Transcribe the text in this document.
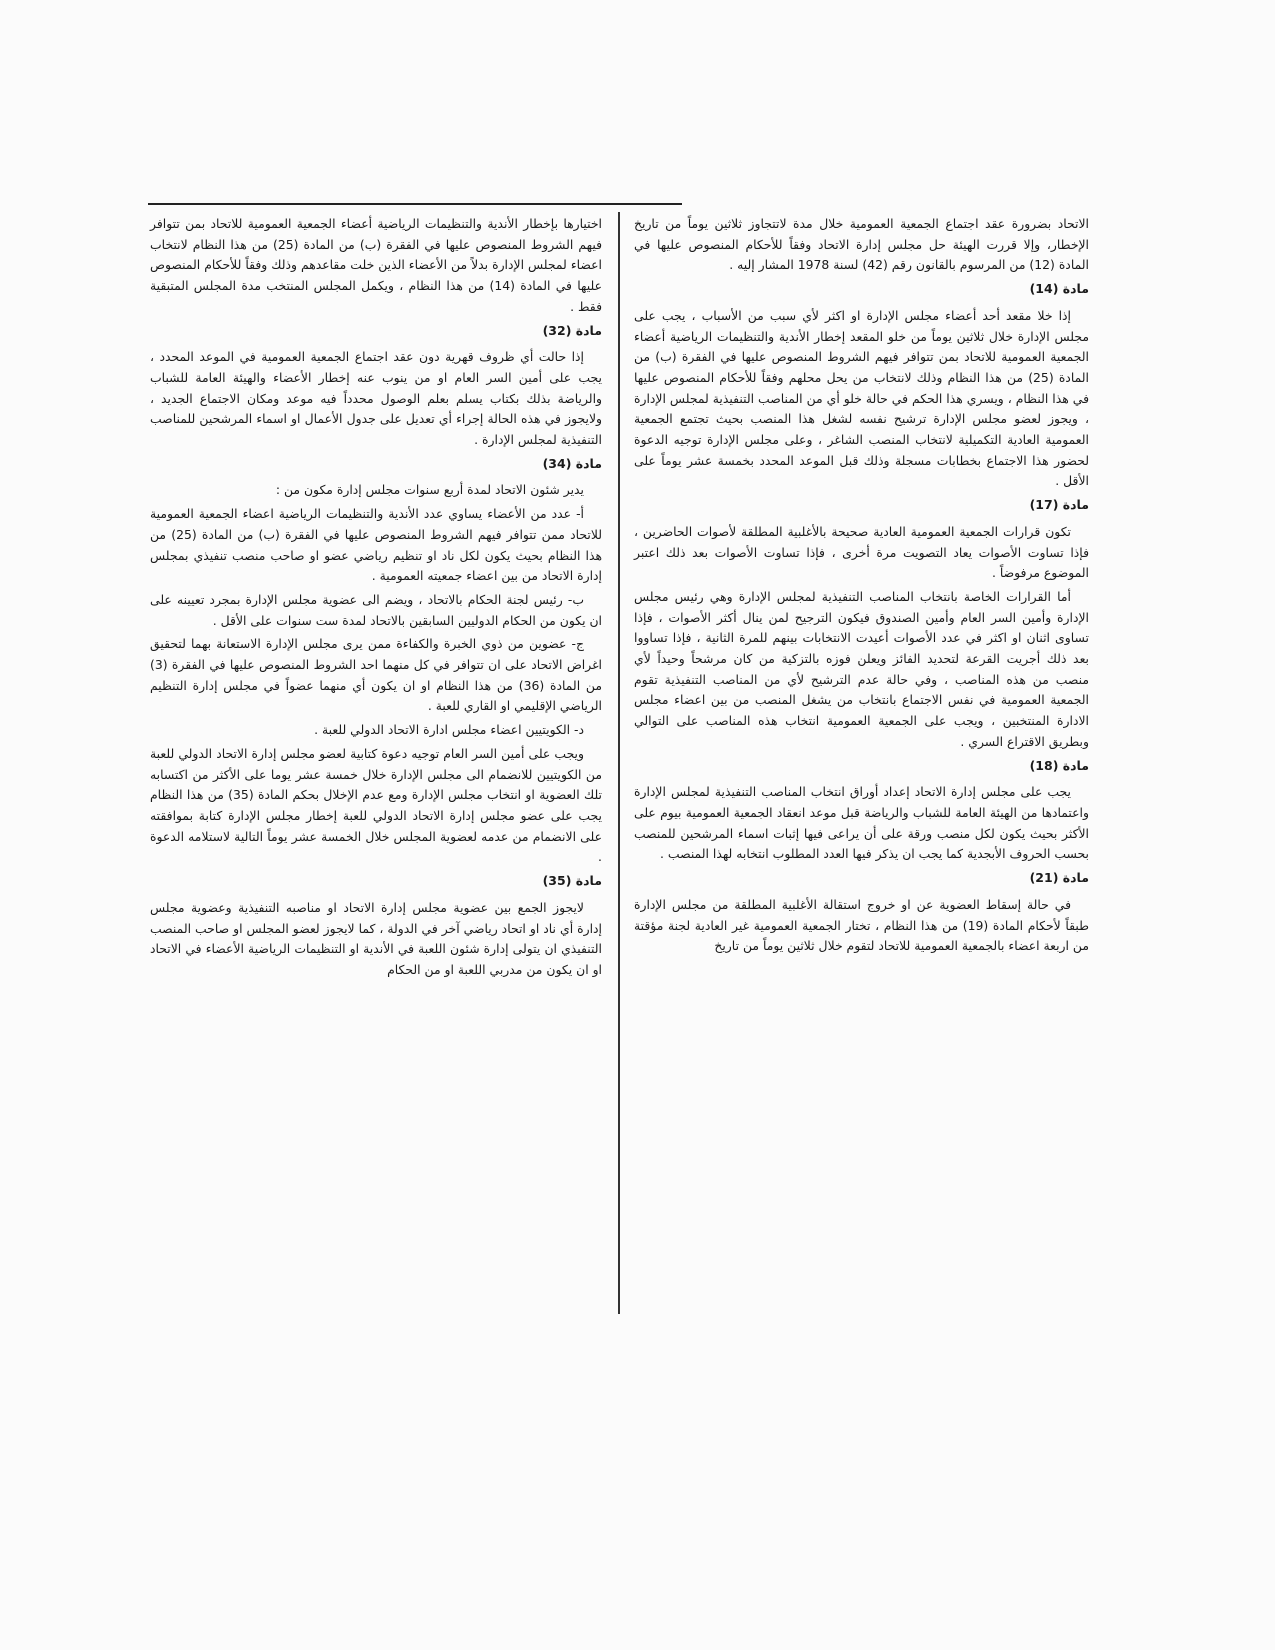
الاتحاد بضرورة عقد اجتماع الجمعية العمومية خلال مدة لاتتجاوز ثلاثين يوماً من تاريخ الإخطار، وإلا قررت الهيئة حل مجلس إدارة الاتحاد وفقاً للأحكام المنصوص عليها في المادة (12) من المرسوم بالقانون رقم (42) لسنة 1978 المشار إليه .

مادة (14)

إذا خلا مقعد أحد أعضاء مجلس الإدارة او اكثر لأي سبب من الأسباب ، يجب على مجلس الإدارة خلال ثلاثين يوماً من خلو المقعد إخطار الأندية والتنظيمات الرياضية أعضاء الجمعية العمومية للاتحاد بمن تتوافر فيهم الشروط المنصوص عليها في الفقرة (ب) من المادة (25) من هذا النظام وذلك لانتخاب من يحل محلهم وفقاً للأحكام المنصوص عليها في هذا النظام ، ويسري هذا الحكم في حالة خلو أي من المناصب التنفيذية لمجلس الإدارة ، ويجوز لعضو مجلس الإدارة ترشيح نفسه لشغل هذا المنصب بحيث تجتمع الجمعية العمومية العادية التكميلية لانتخاب المنصب الشاغر ، وعلى مجلس الإدارة توجيه الدعوة لحضور هذا الاجتماع بخطابات مسجلة وذلك قبل الموعد المحدد بخمسة عشر يوماً على الأقل .

مادة (17)

تكون قرارات الجمعية العمومية العادية صحيحة بالأغلبية المطلقة لأصوات الحاضرين ، فإذا تساوت الأصوات يعاد التصويت مرة أخرى ، فإذا تساوت الأصوات بعد ذلك اعتبر الموضوع مرفوضاً .

أما القرارات الخاصة بانتخاب المناصب التنفيذية لمجلس الإدارة وهي رئيس مجلس الإدارة وأمين السر العام وأمين الصندوق فيكون الترجيح لمن ينال أكثر الأصوات ، فإذا تساوى اثنان او اكثر في عدد الأصوات أعيدت الانتخابات بينهم للمرة الثانية ، فإذا تساووا بعد ذلك أجريت القرعة لتحديد الفائز ويعلن فوزه بالتزكية من كان مرشحاً وحيداً لأي منصب من هذه المناصب ، وفي حالة عدم الترشيح لأي من المناصب التنفيذية تقوم الجمعية العمومية في نفس الاجتماع بانتخاب من يشغل المنصب من بين اعضاء مجلس الادارة المنتخبين ، ويجب على الجمعية العمومية انتخاب هذه المناصب على التوالي وبطريق الاقتراع السري .

مادة (18)

يجب على مجلس إدارة الاتحاد إعداد أوراق انتخاب المناصب التنفيذية لمجلس الإدارة واعتمادها من الهيئة العامة للشباب والرياضة قبل موعد انعقاد الجمعية العمومية بيوم على الأكثر بحيث يكون لكل منصب ورقة على أن يراعى فيها إثبات اسماء المرشحين للمنصب بحسب الحروف الأبجدية كما يجب ان يذكر فيها العدد المطلوب انتخابه لهذا المنصب .

مادة (21)

في حالة إسقاط العضوية عن او خروج استقالة الأغلبية المطلقة من مجلس الإدارة طبقاً لأحكام المادة (19) من هذا النظام ، تختار الجمعية العمومية غير العادية لجنة مؤقتة من اربعة اعضاء بالجمعية العمومية للاتحاد لتقوم خلال ثلاثين يوماً من تاريخ

اختيارها بإخطار الأندية والتنظيمات الرياضية أعضاء الجمعية العمومية للاتحاد بمن تتوافر فيهم الشروط المنصوص عليها في الفقرة (ب) من المادة (25) من هذا النظام لانتخاب اعضاء لمجلس الإدارة بدلاً من الأعضاء الذين خلت مقاعدهم وذلك وفقاً للأحكام المنصوص عليها في المادة (14) من هذا النظام ، ويكمل المجلس المنتخب مدة المجلس المتبقية فقط .

مادة (32)

إذا حالت أي ظروف قهرية دون عقد اجتماع الجمعية العمومية في الموعد المحدد ، يجب على أمين السر العام او من ينوب عنه إخطار الأعضاء والهيئة العامة للشباب والرياضة بذلك بكتاب يسلم بعلم الوصول محدداً فيه موعد ومكان الاجتماع الجديد ، ولايجوز في هذه الحالة إجراء أي تعديل على جدول الأعمال او اسماء المرشحين للمناصب التنفيذية لمجلس الإدارة .

مادة (34)

يدير شئون الاتحاد لمدة أربع سنوات مجلس إدارة مكون من :

أ- عدد من الأعضاء يساوي عدد الأندية والتنظيمات الرياضية اعضاء الجمعية العمومية للاتحاد ممن تتوافر فيهم الشروط المنصوص عليها في الفقرة (ب) من المادة (25) من هذا النظام بحيث يكون لكل ناد او تنظيم رياضي عضو او صاحب منصب تنفيذي بمجلس إدارة الاتحاد من بين اعضاء جمعيته العمومية .

ب- رئيس لجنة الحكام بالاتحاد ، ويضم الى عضوية مجلس الإدارة بمجرد تعيينه على ان يكون من الحكام الدوليين السابقين بالاتحاد لمدة ست سنوات على الأقل .

ج- عضوين من ذوي الخبرة والكفاءة ممن يرى مجلس الإدارة الاستعانة بهما لتحقيق اغراض الاتحاد على ان تتوافر في كل منهما احد الشروط المنصوص عليها في الفقرة (3) من المادة (36) من هذا النظام او ان يكون أي منهما عضواً في مجلس إدارة التنظيم الرياضي الإقليمي او القاري للعبة .

د- الكويتيين اعضاء مجلس ادارة الاتحاد الدولي للعبة .

ويجب على أمين السر العام توجيه دعوة كتابية لعضو مجلس إدارة الاتحاد الدولي للعبة من الكويتيين للانضمام الى مجلس الإدارة خلال خمسة عشر يوما على الأكثر من اكتسابه تلك العضوية او انتخاب مجلس الإدارة ومع عدم الإخلال بحكم المادة (35) من هذا النظام يجب على عضو مجلس إدارة الاتحاد الدولي للعبة إخطار مجلس الإدارة كتابة بموافقته على الانضمام من عدمه لعضوية المجلس خلال الخمسة عشر يوماً التالية لاستلامه الدعوة .

مادة (35)

لايجوز الجمع بين عضوية مجلس إدارة الاتحاد او مناصبه التنفيذية وعضوية مجلس إدارة أي ناد او اتحاد رياضي آخر في الدولة ، كما لايجوز لعضو المجلس او صاحب المنصب التنفيذي ان يتولى إدارة شئون اللعبة في الأندية او التنظيمات الرياضية الأعضاء في الاتحاد او ان يكون من مدربي اللعبة او من الحكام
